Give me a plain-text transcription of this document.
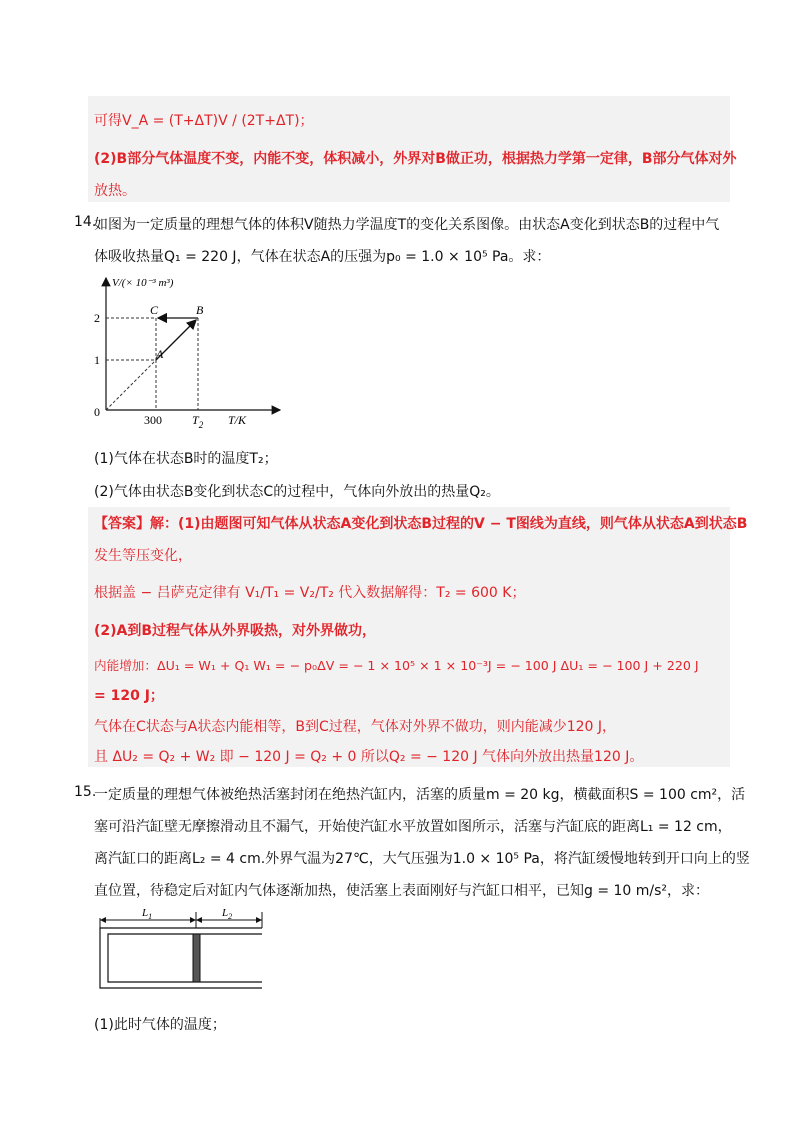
可得V_A = (T+ΔT)V / (2T+ΔT)；
(2)B部分气体温度不变，内能不变，体积减小，外界对B做正功，根据热力学第一定律，B部分气体对外
放热。
14.
如图为一定质量的理想气体的体积V随热力学温度T的变化关系图像。由状态A变化到状态B的过程中气
体吸收热量Q₁ = 220 J，气体在状态A的压强为p₀ = 1.0 × 10⁵ Pa。求：
V/(× 10⁻³ m³)
2
1
0
300	$T_2$ T/K
A
B
C
(1)气体在状态B时的温度T₂；
(2)气体由状态B变化到状态C的过程中，气体向外放出的热量Q₂。
【答案】解：(1)由题图可知气体从状态A变化到状态B过程的V − T图线为直线，则气体从状态A到状态B
发生等压变化，
根据盖 − 吕萨克定律有 V₁/T₁ = V₂/T₂ 代入数据解得：T₂ = 600 K；
(2)A到B过程气体从外界吸热，对外界做功，
内能增加：ΔU₁ = W₁ + Q₁ W₁ = − p₀ΔV = − 1 × 10⁵ × 1 × 10⁻³J = − 100 J ΔU₁ = − 100 J + 220 J
= 120 J；
气体在C状态与A状态内能相等，B到C过程，气体对外界不做功，则内能减少120 J，
且 ΔU₂ = Q₂ + W₂ 即 − 120 J = Q₂ + 0 所以Q₂ = − 120 J 气体向外放出热量120 J。
15.
一定质量的理想气体被绝热活塞封闭在绝热汽缸内，活塞的质量m = 20 kg，横截面积S = 100 cm²，活
塞可沿汽缸壁无摩擦滑动且不漏气，开始使汽缸水平放置如图所示，活塞与汽缸底的距离L₁ = 12 cm，
离汽缸口的距离L₂ = 4 cm.外界气温为27℃，大气压强为1.0 × 10⁵ Pa，将汽缸缓慢地转到开口向上的竖
直位置，待稳定后对缸内气体逐渐加热，使活塞上表面刚好与汽缸口相平，已知g = 10 m/s²，求：
$L_1$	$L_2$
(1)此时气体的温度；
